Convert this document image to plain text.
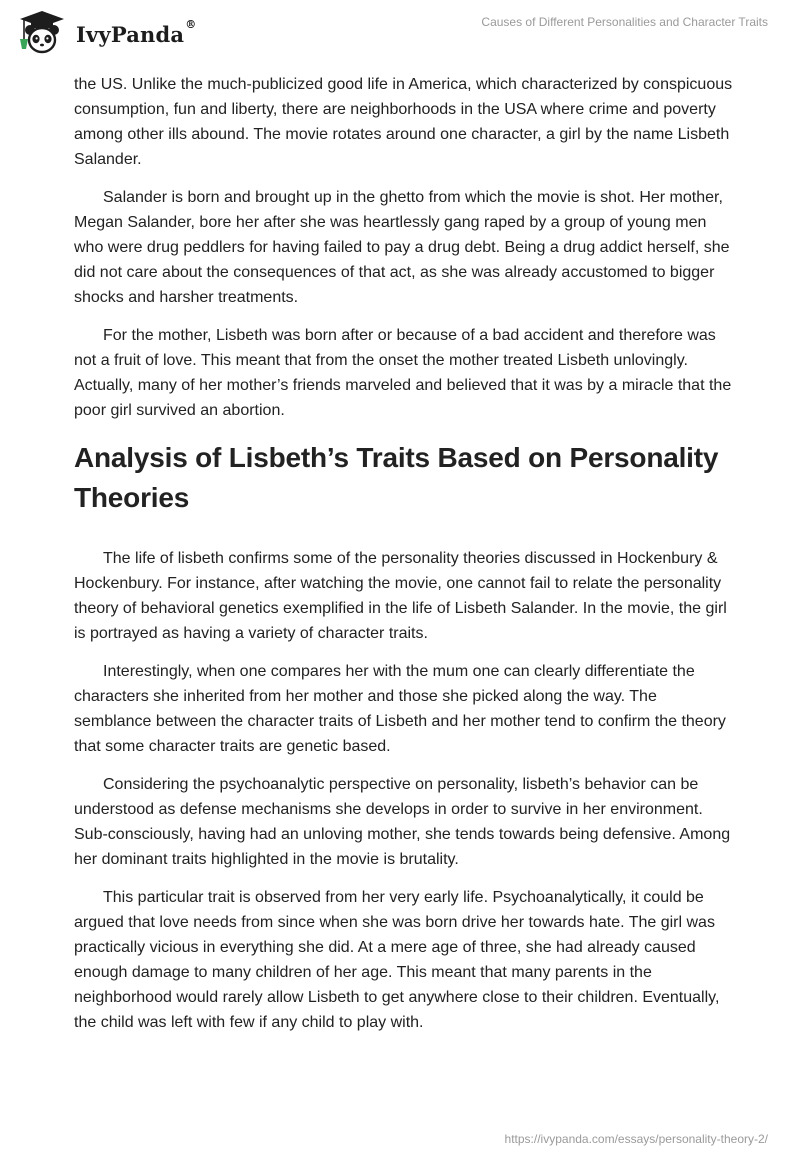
IvyPanda®	Causes of Different Personalities and Character Traits

the US. Unlike the much-publicized good life in America, which characterized by conspicuous consumption, fun and liberty, there are neighborhoods in the USA where crime and poverty among other ills abound. The movie rotates around one character, a girl by the name Lisbeth Salander.

Salander is born and brought up in the ghetto from which the movie is shot. Her mother, Megan Salander, bore her after she was heartlessly gang raped by a group of young men who were drug peddlers for having failed to pay a drug debt. Being a drug addict herself, she did not care about the consequences of that act, as she was already accustomed to bigger shocks and harsher treatments.

For the mother, Lisbeth was born after or because of a bad accident and therefore was not a fruit of love. This meant that from the onset the mother treated Lisbeth unlovingly. Actually, many of her mother’s friends marveled and believed that it was by a miracle that the poor girl survived an abortion.

Analysis of Lisbeth’s Traits Based on Personality Theories

The life of lisbeth confirms some of the personality theories discussed in Hockenbury & Hockenbury. For instance, after watching the movie, one cannot fail to relate the personality theory of behavioral genetics exemplified in the life of Lisbeth Salander. In the movie, the girl is portrayed as having a variety of character traits.

Interestingly, when one compares her with the mum one can clearly differentiate the characters she inherited from her mother and those she picked along the way. The semblance between the character traits of Lisbeth and her mother tend to confirm the theory that some character traits are genetic based.

Considering the psychoanalytic perspective on personality, lisbeth’s behavior can be understood as defense mechanisms she develops in order to survive in her environment. Sub-consciously, having had an unloving mother, she tends towards being defensive. Among her dominant traits highlighted in the movie is brutality.

This particular trait is observed from her very early life. Psychoanalytically, it could be argued that love needs from since when she was born drive her towards hate. The girl was practically vicious in everything she did. At a mere age of three, she had already caused enough damage to many children of her age. This meant that many parents in the neighborhood would rarely allow Lisbeth to get anywhere close to their children. Eventually, the child was left with few if any child to play with.

https://ivypanda.com/essays/personality-theory-2/
